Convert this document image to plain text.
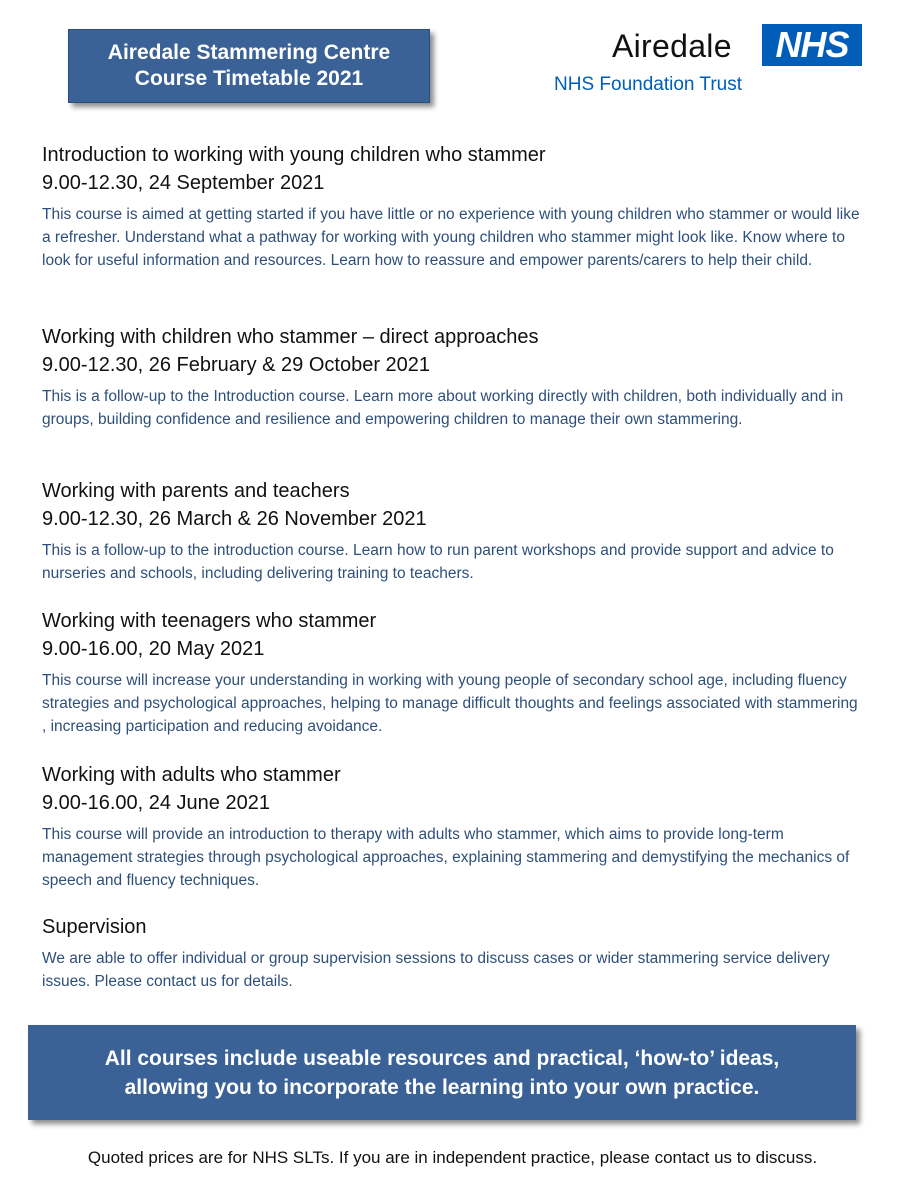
Airedale Stammering Centre
Course Timetable 2021
Airedale	NHS
NHS Foundation Trust
Introduction to working with young children who stammer
9.00-12.30, 24 September 2021

This course is aimed at getting started if you have little or no experience with young children who stammer or would like a refresher. Understand what a pathway for working with young children who stammer might look like. Know where to look for useful information and resources. Learn how to reassure and empower parents/carers to help their child.

Working with children who stammer – direct approaches
9.00-12.30, 26 February & 29 October 2021

This is a follow-up to the Introduction course. Learn more about working directly with children, both individually and in groups, building confidence and resilience and empowering children to manage their own stammering.

Working with parents and teachers
9.00-12.30, 26 March & 26 November 2021

This is a follow-up to the introduction course. Learn how to run parent workshops and provide support and advice to nurseries and schools, including delivering training to teachers.

Working with teenagers who stammer
9.00-16.00, 20 May 2021

This course will increase your understanding in working with young people of secondary school age, including fluency strategies and psychological approaches, helping to manage difficult thoughts and feelings associated with stammering , increasing participation and reducing avoidance.

Working with adults who stammer
9.00-16.00, 24 June 2021

This course will provide an introduction to therapy with adults who stammer, which aims to provide long-term management strategies through psychological approaches, explaining stammering and demystifying the mechanics of speech and fluency techniques.

Supervision

We are able to offer individual or group supervision sessions to discuss cases or wider stammering service delivery issues. Please contact us for details.

All courses include useable resources and practical, ‘how-to’ ideas,
allowing you to incorporate the learning into your own practice.
Quoted prices are for NHS SLTs. If you are in independent practice, please contact us to discuss.
